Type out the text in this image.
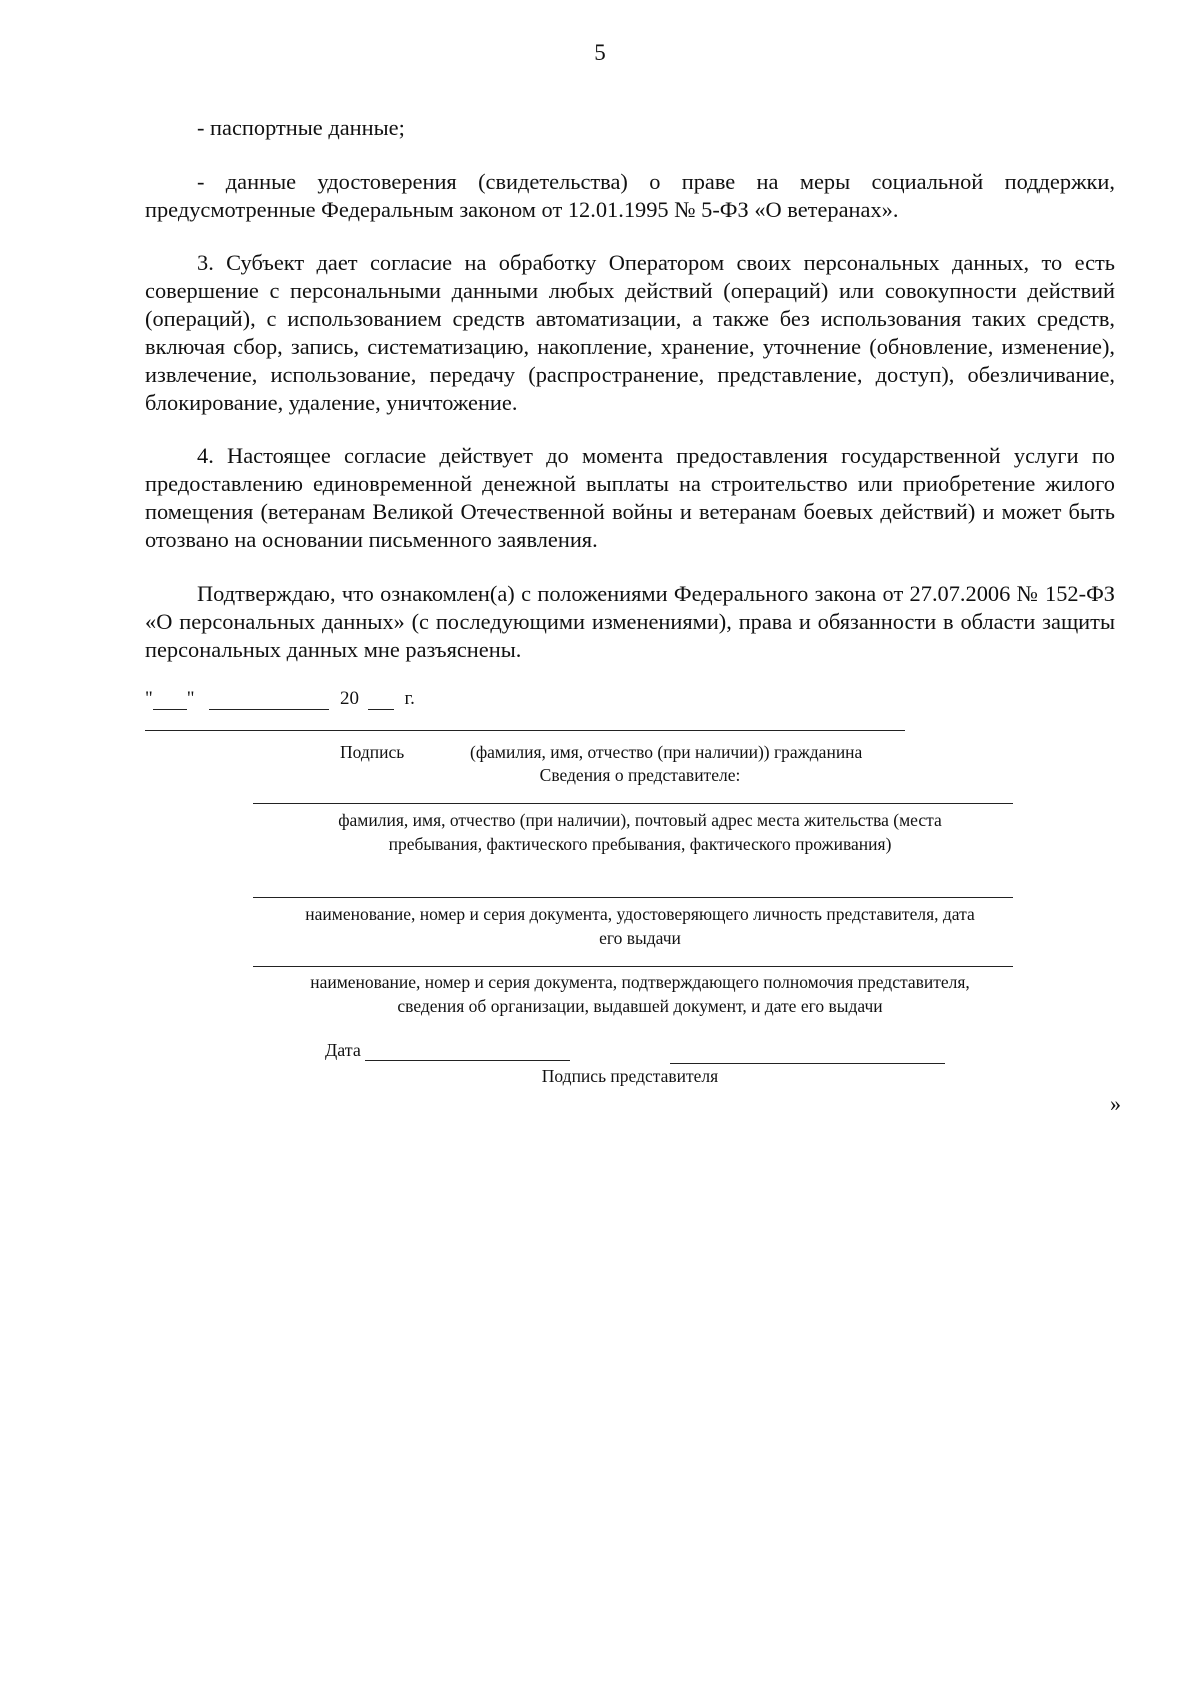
5

- паспортные данные;

- данные удостоверения (свидетельства) о праве на меры социальной поддержки, предусмотренные Федеральным законом от 12.01.1995 № 5-ФЗ «О ветеранах».

3. Субъект дает согласие на обработку Оператором своих персональных данных, то есть совершение с персональными данными любых действий (операций) или совокупности действий (операций), с использованием средств автоматизации, а также без использования таких средств, включая сбор, запись, систематизацию, накопление, хранение, уточнение (обновление, изменение), извлечение, использование, передачу (распространение, представление, доступ), обезличивание, блокирование, удаление, уничтожение.

4. Настоящее согласие действует до момента предоставления государственной услуги по предоставлению единовременной денежной выплаты на строительство или приобретение жилого помещения (ветеранам Великой Отечественной войны и ветеранам боевых действий) и может быть отозвано на основании письменного заявления.

Подтверждаю, что ознакомлен(а) с положениями Федерального закона от 27.07.2006 № 152-ФЗ «О персональных данных» (с последующими изменениями), права и обязанности в области защиты персональных данных мне разъяснены.

" "	20 г.
Подпись	(фамилия, имя, отчество (при наличии)) гражданина
Сведения о представителе:
фамилия, имя, отчество (при наличии), почтовый адрес места жительства (места пребывания, фактического пребывания, фактического проживания)
наименование, номер и серия документа, удостоверяющего личность представителя, дата его выдачи
наименование, номер и серия документа, подтверждающего полномочия представителя, сведения об организации, выдавшей документ, и дате его выдачи
Дата
Подпись представителя
»
